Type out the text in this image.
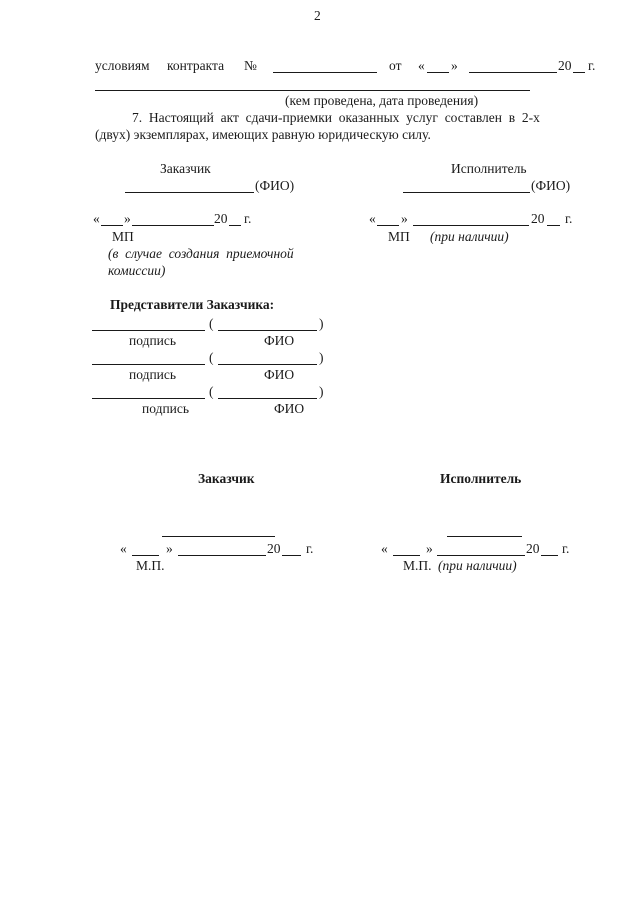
2
условиям контракта №	от « »	20 г.
(кем проведена, дата проведения)
7.  Настоящий  акт  сдачи-приемки  оказанных  услуг  составлен  в  2-х
(двух) экземплярах, имеющих равную юридическую силу.
Заказчик	Исполнитель
(ФИО)	(ФИО)
« »	20 г.	« »	20 г.
МП	МП (при наличии)
(в  случае  создания  приемочной
комиссии)
Представители Заказчика:
(	)
подпись	ФИО
(	)
подпись	ФИО
(	)
подпись	ФИО
Заказчик	Исполнитель
«	»	20 г.	«	»	20 г.
М.П.	М.П. (при наличии)
